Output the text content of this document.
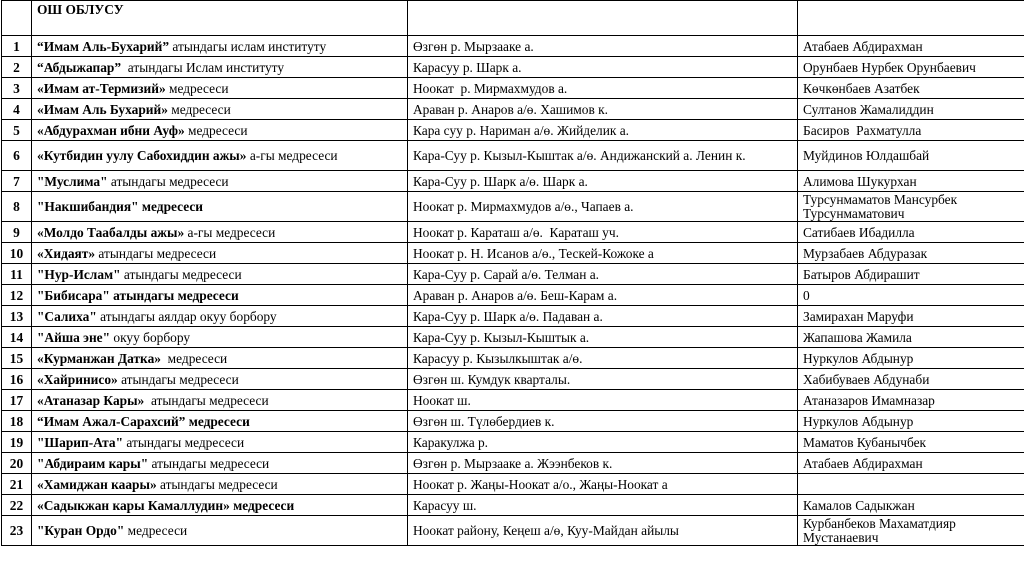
	ОШ ОБЛУСУ		
1	“Имам Аль-Бухарий” атындагы ислам институту	Өзгөн р. Мырзааке а.	Атабаев Абдирахман
2	“Абдыжапар”  атындагы Ислам институту	Карасуу р. Шарк а.	Орунбаев Нурбек Орунбаевич
3	«Имам ат-Термизий» медресеси	Ноокат  р. Мирмахмудов а.	Көчкөнбаев Азатбек
4	«Имам Аль Бухарий» медресеси	Араван р. Анаров а/ө. Хашимов к.	Султанов Жамалиддин
5	«Абдурахман ибни Ауф» медресеси	Кара суу р. Нариман а/ө. Жийделик а.	Басиров  Рахматулла
6	«Кутбидин уулу Сабохиддин ажы» а-гы медресеси	Кара-Суу р. Кызыл-Кыштак а/ө. Андижанский а. Ленин к.	Муйдинов Юлдашбай
7	"Муслима" атындагы медресеси	Кара-Суу р. Шарк а/ө. Шарк а.	Алимова Шукурхан
8	"Накшибандия" медресеси	Ноокат р. Мирмахмудов а/ө., Чапаев а.	Турсунмаматов Мансурбек Турсунмаматович
9	«Молдо Таабалды ажы» а-гы медресеси	Ноокат р. Караташ а/ө.  Караташ уч.	Сатибаев Ибадилла
10	«Хидаят» атындагы медресеси	Ноокат р. Н. Исанов а/ө., Тескей-Кожоке а	Мурзабаев Абдуразак
11	"Нур-Ислам" атындагы медресеси	Кара-Суу р. Сарай а/ө. Телман а.	Батыров Абдирашит
12	"Бибисара" атындагы медресеси	Араван р. Анаров а/ө. Беш-Карам а.	0
13	"Салиха" атындагы аялдар окуу борбору	Кара-Суу р. Шарк а/ө. Падаван а.	Замирахан Маруфи
14	"Айша эне" окуу борбору	Кара-Суу р. Кызыл-Кыштык а.	Жапашова Жамила
15	«Курманжан Датка»  медресеси	Карасуу р. Кызылкыштак а/ө.	Нуркулов Абдынур
16	«Хайринисо» атындагы медресеси	Өзгөн ш. Кумдук кварталы.	Хабибуваев Абдунаби
17	«Атаназар Кары»  атындагы медресеси	Ноокат ш.	Атаназаров Имамназар
18	“Имам Ажал-Сарахсий” медресеси	Өзгөн ш. Түлөбердиев к.	Нуркулов Абдынур
19	"Шарип-Ата" атындагы медресеси	Каракулжа р.	Маматов Кубанычбек
20	"Абдираим кары" атындагы медресеси	Өзгөн р. Мырзааке а. Жээнбеков к.	Атабаев Абдирахман
21	«Хамиджан каары» атындагы медресеси	Ноокат р. Жаңы-Ноокат а/о., Жаңы-Ноокат а	
22	«Садыкжан кары Камаллудин» медресеси	Карасуу ш.	Камалов Садыкжан
23	"Куран Ордо" медресеси	Ноокат району, Кеңеш а/ө, Куу-Майдан айылы	Курбанбеков Махаматдияр Мустанаевич
